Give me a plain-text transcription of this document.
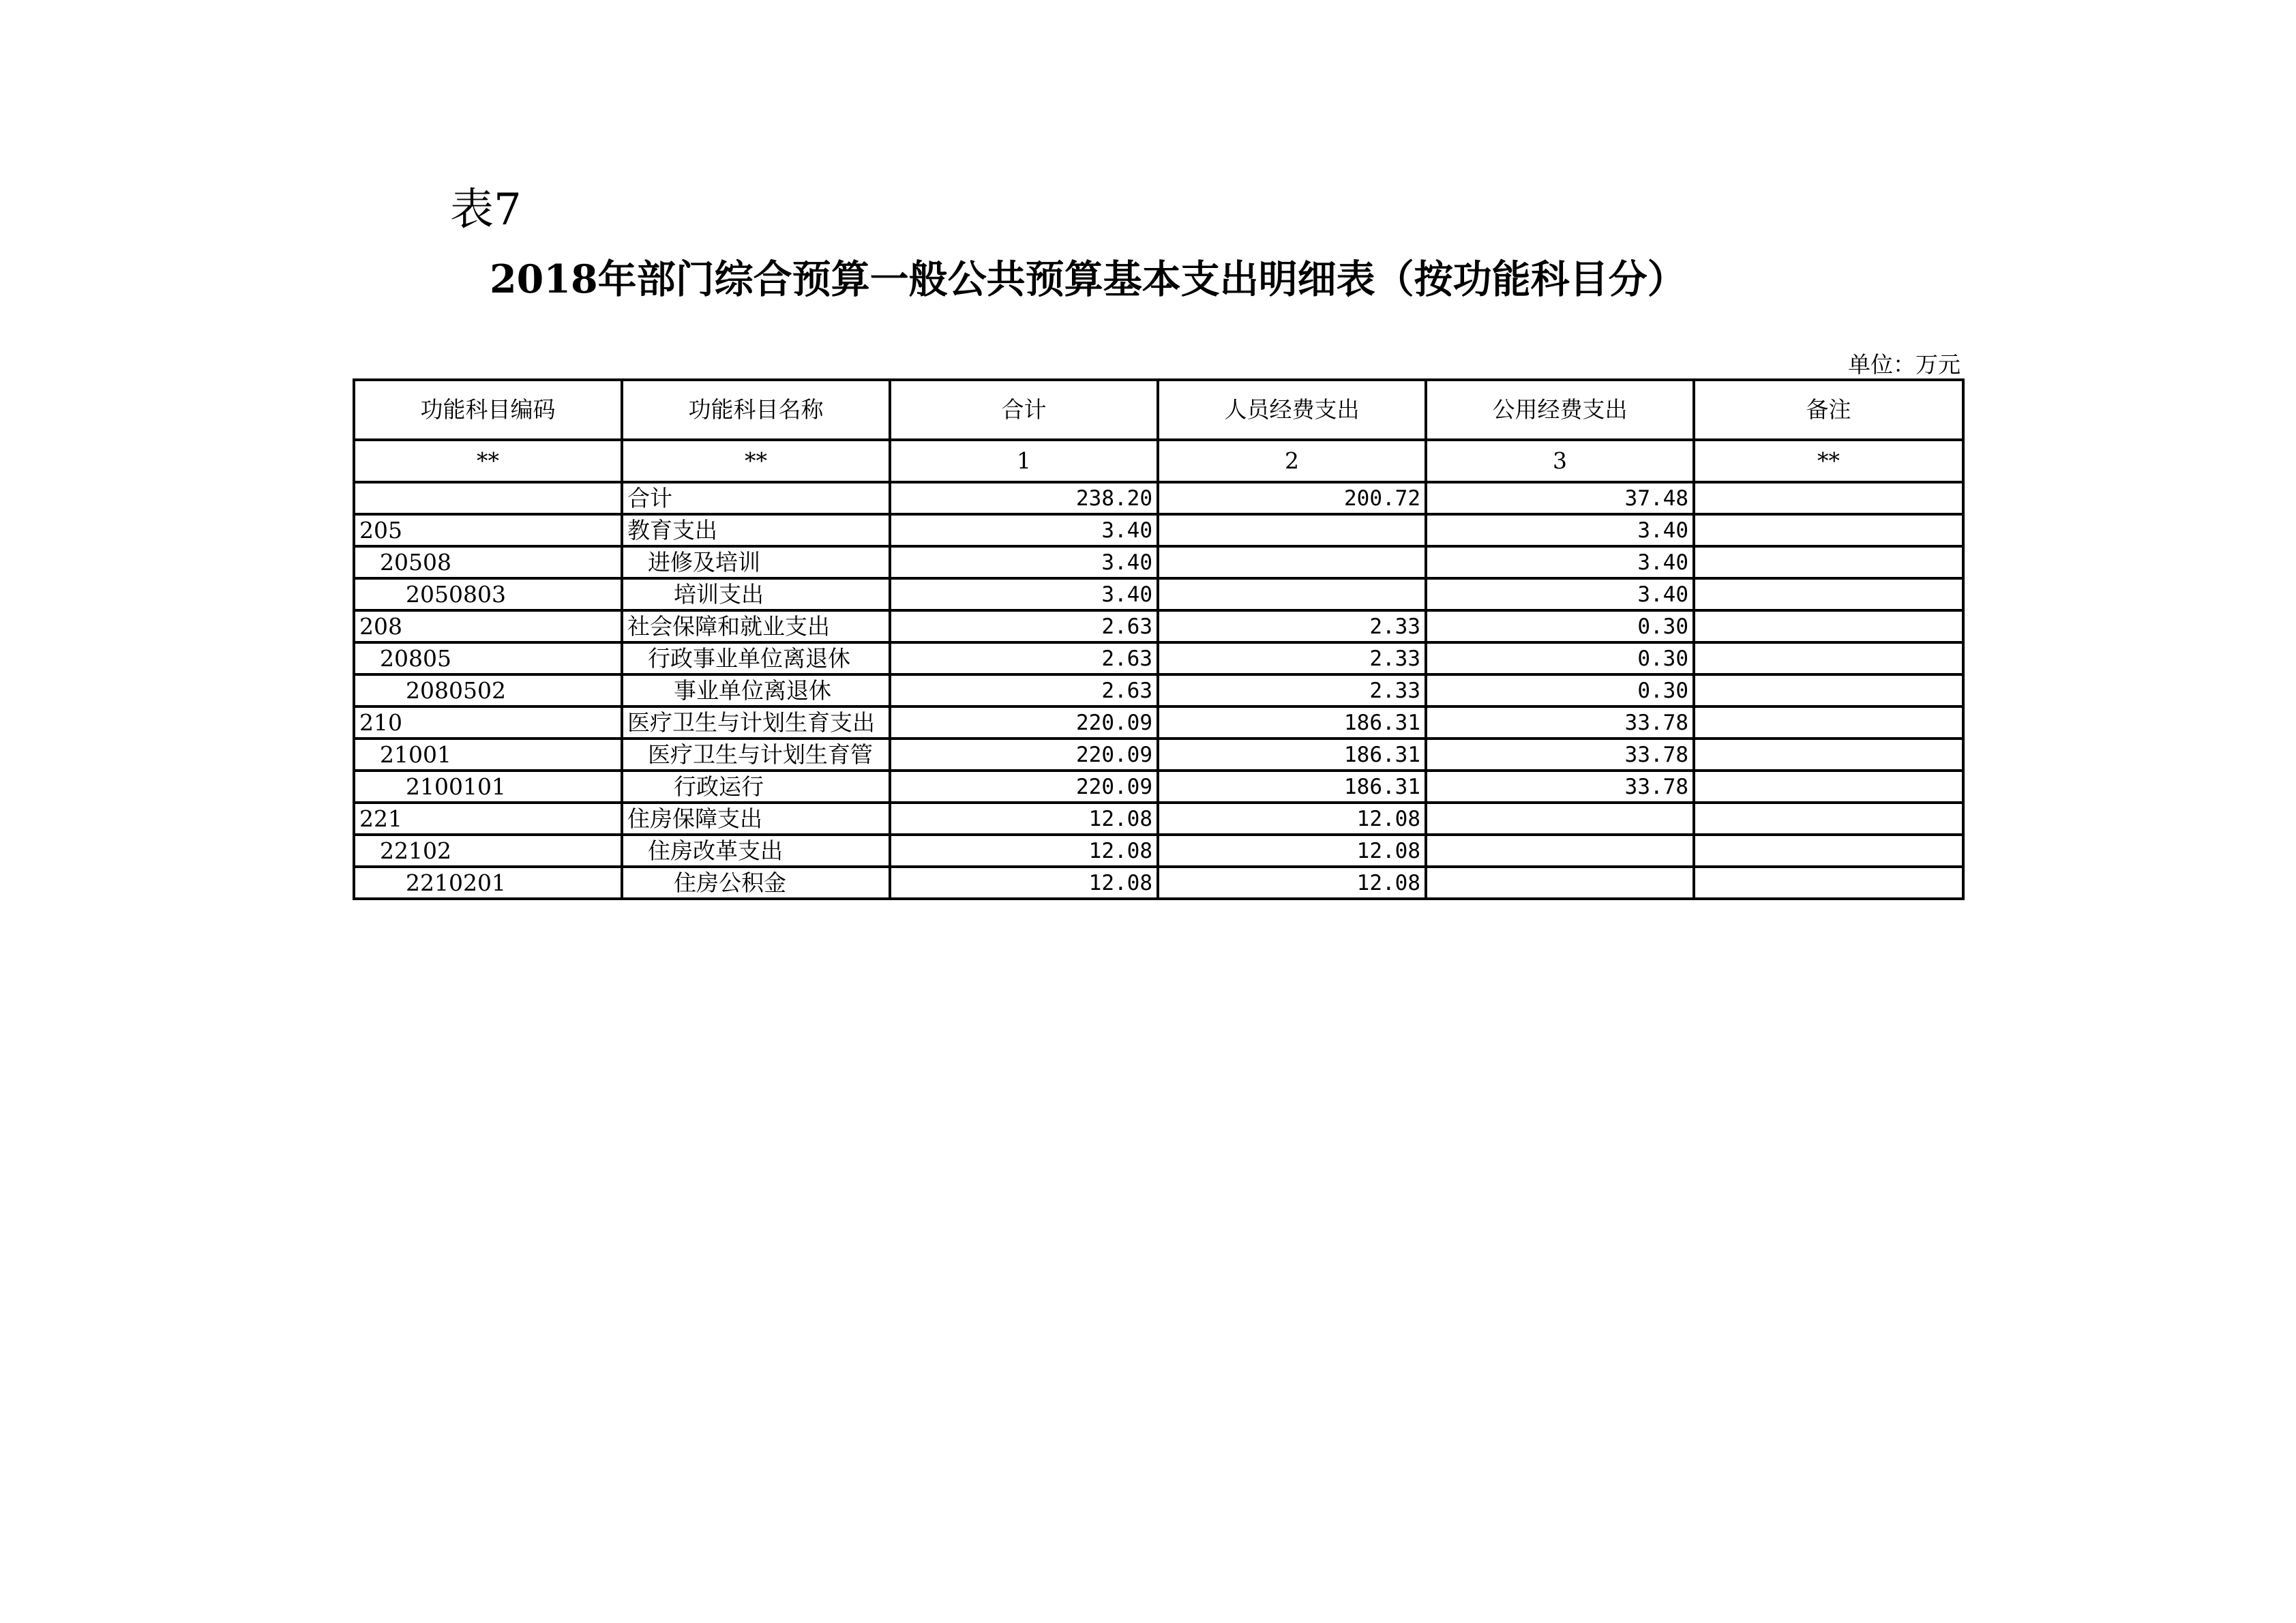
表7
2018年部门综合预算一般公共预算基本支出明细表（按功能科目分）
单位：万元
功能科目编码	功能科目名称	合计	人员经费支出	公用经费支出	备注
**	**	1	2	3	**
	合计	238.20	200.72	37.48	
205	教育支出	3.40		3.40	
20508	进修及培训	3.40		3.40	
2050803	培训支出	3.40		3.40	
208	社会保障和就业支出	2.63	2.33	0.30	
20805	行政事业单位离退休	2.63	2.33	0.30	
2080502	事业单位离退休	2.63	2.33	0.30	
210	医疗卫生与计划生育支出	220.09	186.31	33.78	
21001	医疗卫生与计划生育管	220.09	186.31	33.78	
2100101	行政运行	220.09	186.31	33.78	
221	住房保障支出	12.08	12.08		
22102	住房改革支出	12.08	12.08		
2210201	住房公积金	12.08	12.08		
